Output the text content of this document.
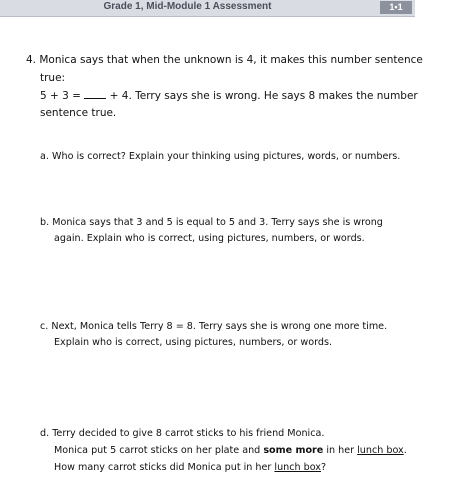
Grade 1, Mid-Module 1 Assessment	1•1
4. Monica says that when the unknown is 4, it makes this number sentence
true:
5 + 3 =	+ 4. Terry says she is wrong. He says 8 makes the number
sentence true.
a. Who is correct? Explain your thinking using pictures, words, or numbers.
b. Monica says that 3 and 5 is equal to 5 and 3. Terry says she is wrong
again. Explain who is correct, using pictures, numbers, or words.
c. Next, Monica tells Terry 8 = 8. Terry says she is wrong one more time.
Explain who is correct, using pictures, numbers, or words.
d. Terry decided to give 8 carrot sticks to his friend Monica.
Monica put 5 carrot sticks on her plate and some more in her lunch box.
How many carrot sticks did Monica put in her lunch box?
